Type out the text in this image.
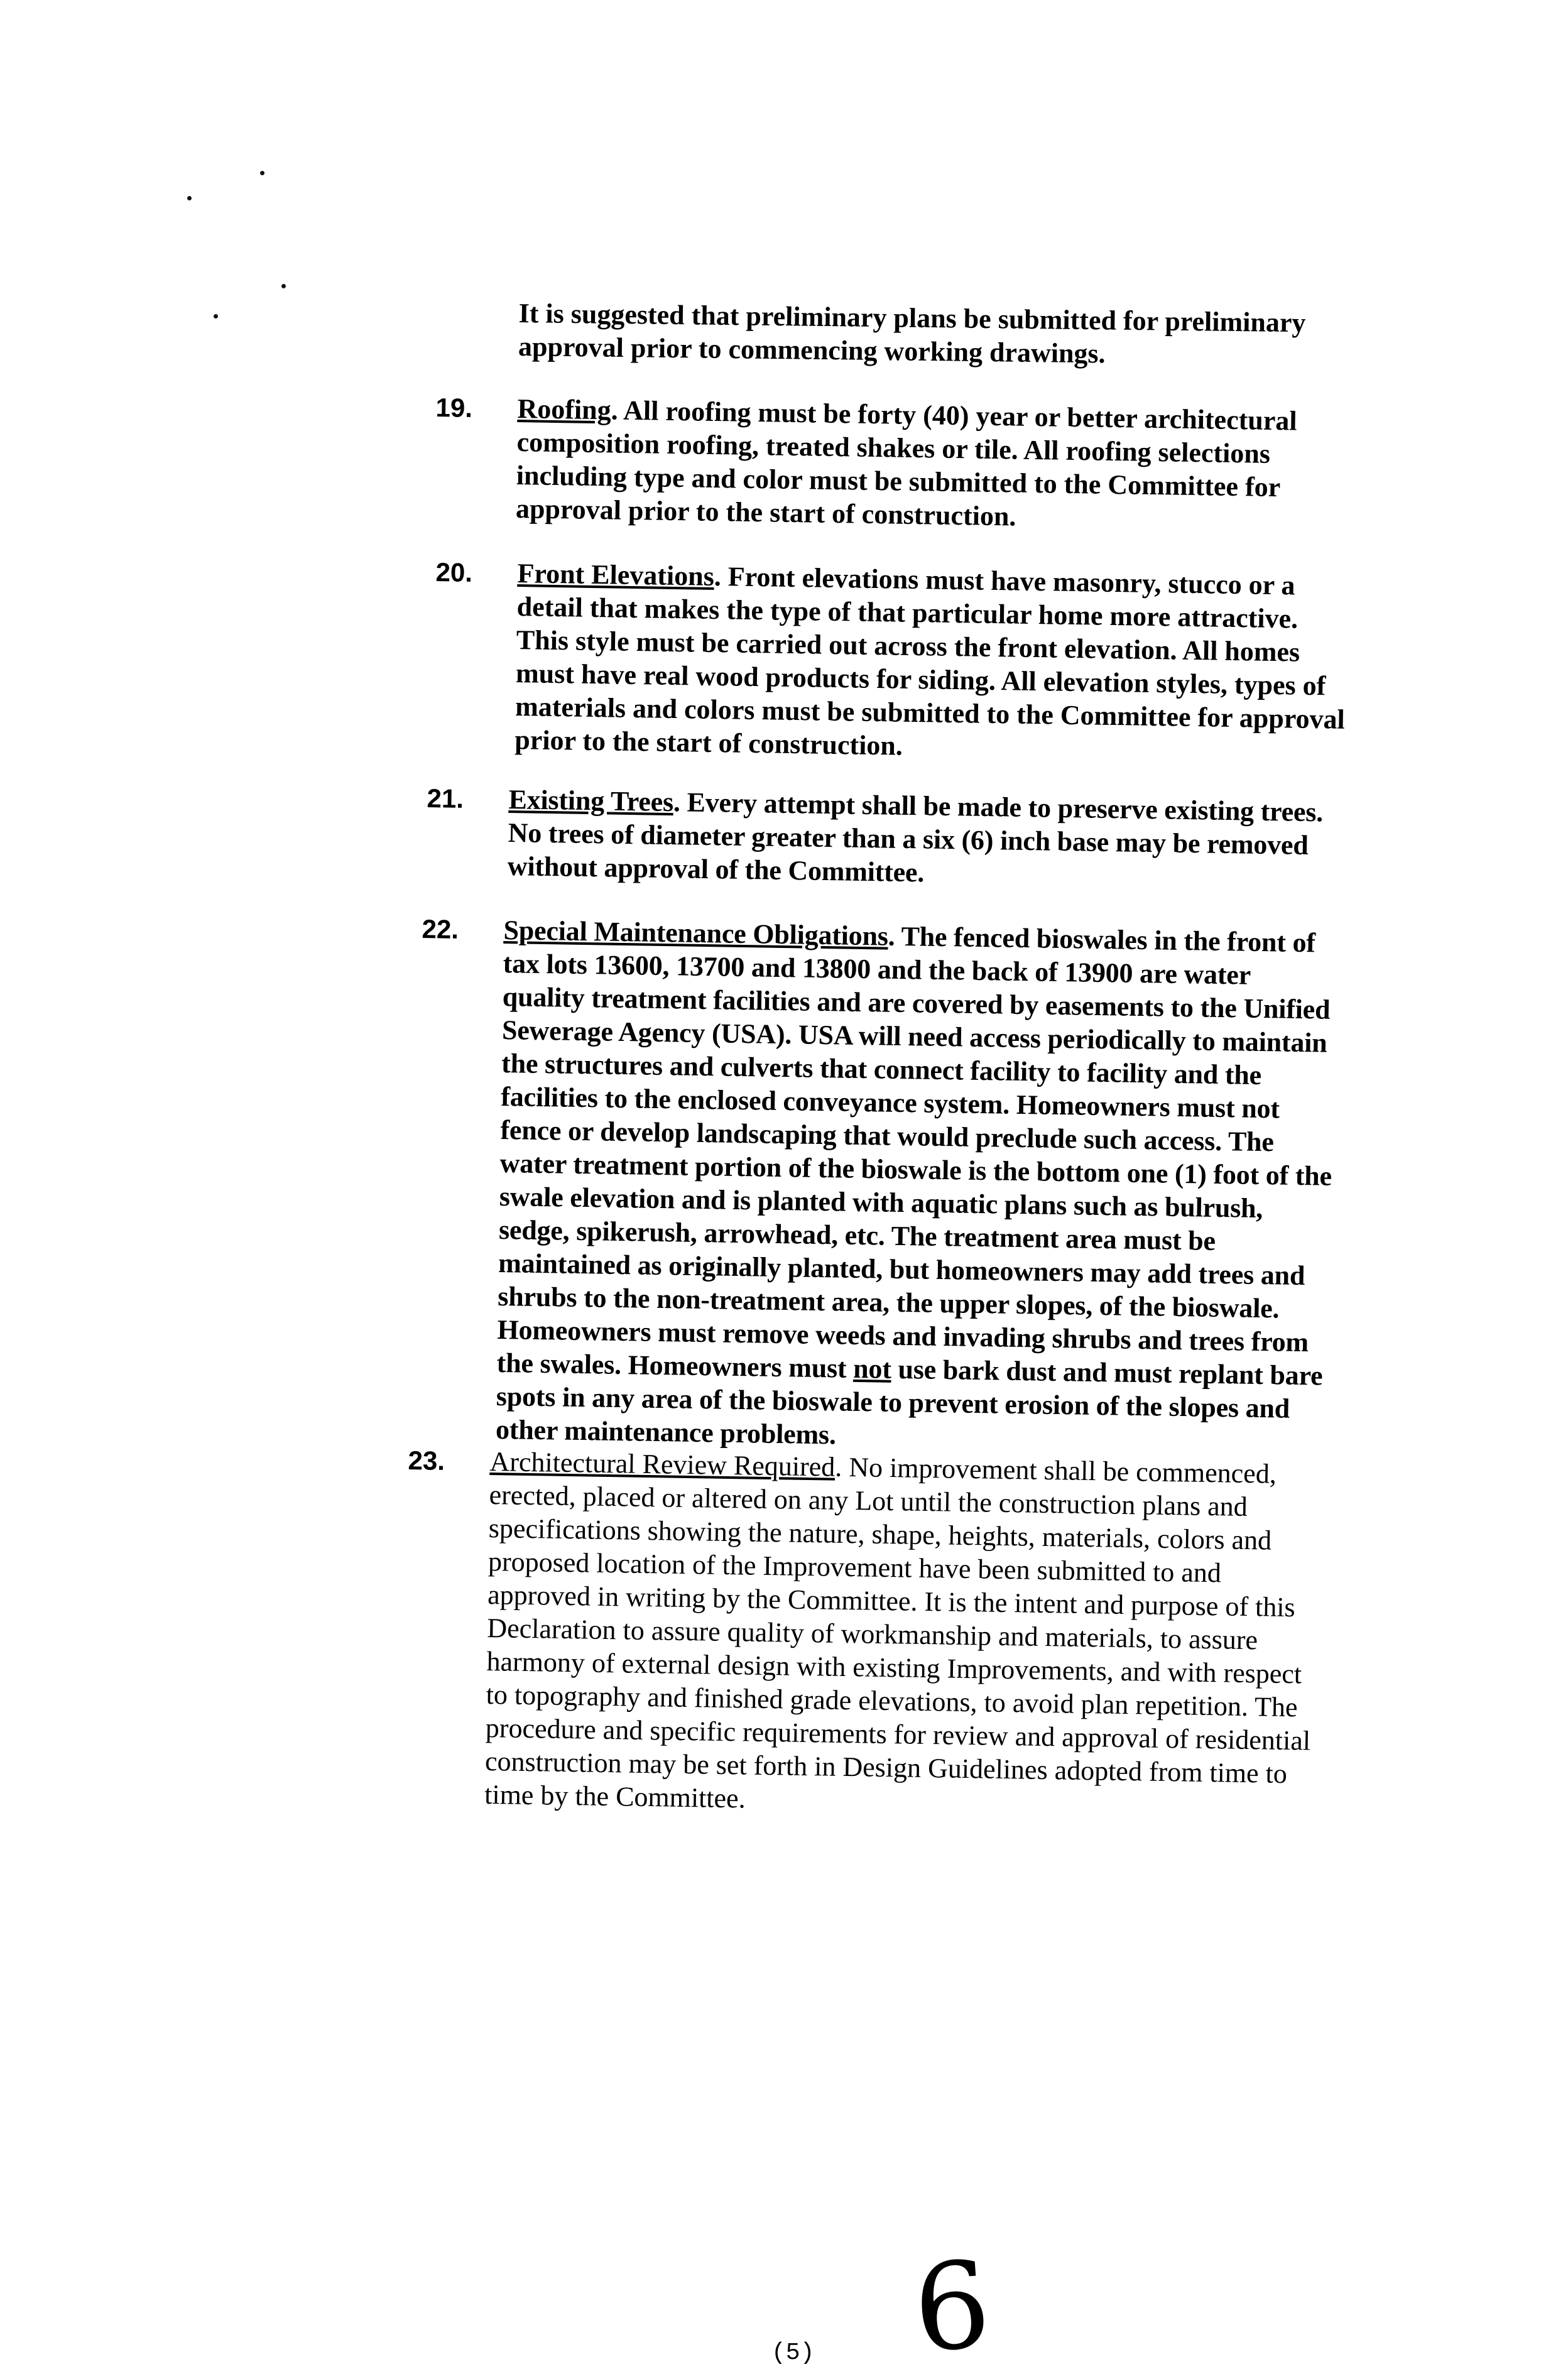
It is suggested that preliminary plans be submitted for preliminary approval prior to commencing working drawings.
19. Roofing. All roofing must be forty (40) year or better architectural composition roofing, treated shakes or tile. All roofing selections including type and color must be submitted to the Committee for approval prior to the start of construction.
20. Front Elevations. Front elevations must have masonry, stucco or a detail that makes the type of that particular home more attractive. This style must be carried out across the front elevation. All homes must have real wood products for siding. All elevation styles, types of materials and colors must be submitted to the Committee for approval prior to the start of construction.
21. Existing Trees. Every attempt shall be made to preserve existing trees. No trees of diameter greater than a six (6) inch base may be removed without approval of the Committee.
22. Special Maintenance Obligations. The fenced bioswales in the front of tax lots 13600, 13700 and 13800 and the back of 13900 are water quality treatment facilities and are covered by easements to the Unified Sewerage Agency (USA). USA will need access periodically to maintain the structures and culverts that connect facility to facility and the facilities to the enclosed conveyance system. Homeowners must not fence or develop landscaping that would preclude such access. The water treatment portion of the bioswale is the bottom one (1) foot of the swale elevation and is planted with aquatic plans such as bulrush, sedge, spikerush, arrowhead, etc. The treatment area must be maintained as originally planted, but homeowners may add trees and shrubs to the non-treatment area, the upper slopes, of the bioswale. Homeowners must remove weeds and invading shrubs and trees from the swales. Homeowners must not use bark dust and must replant bare spots in any area of the bioswale to prevent erosion of the slopes and other maintenance problems.
23. Architectural Review Required. No improvement shall be commenced, erected, placed or altered on any Lot until the construction plans and specifications showing the nature, shape, heights, materials, colors and proposed location of the Improvement have been submitted to and approved in writing by the Committee. It is the intent and purpose of this Declaration to assure quality of workmanship and materials, to assure harmony of external design with existing Improvements, and with respect to topography and finished grade elevations, to avoid plan repetition. The procedure and specific requirements for review and approval of residential construction may be set forth in Design Guidelines adopted from time to time by the Committee.
6
(5)
